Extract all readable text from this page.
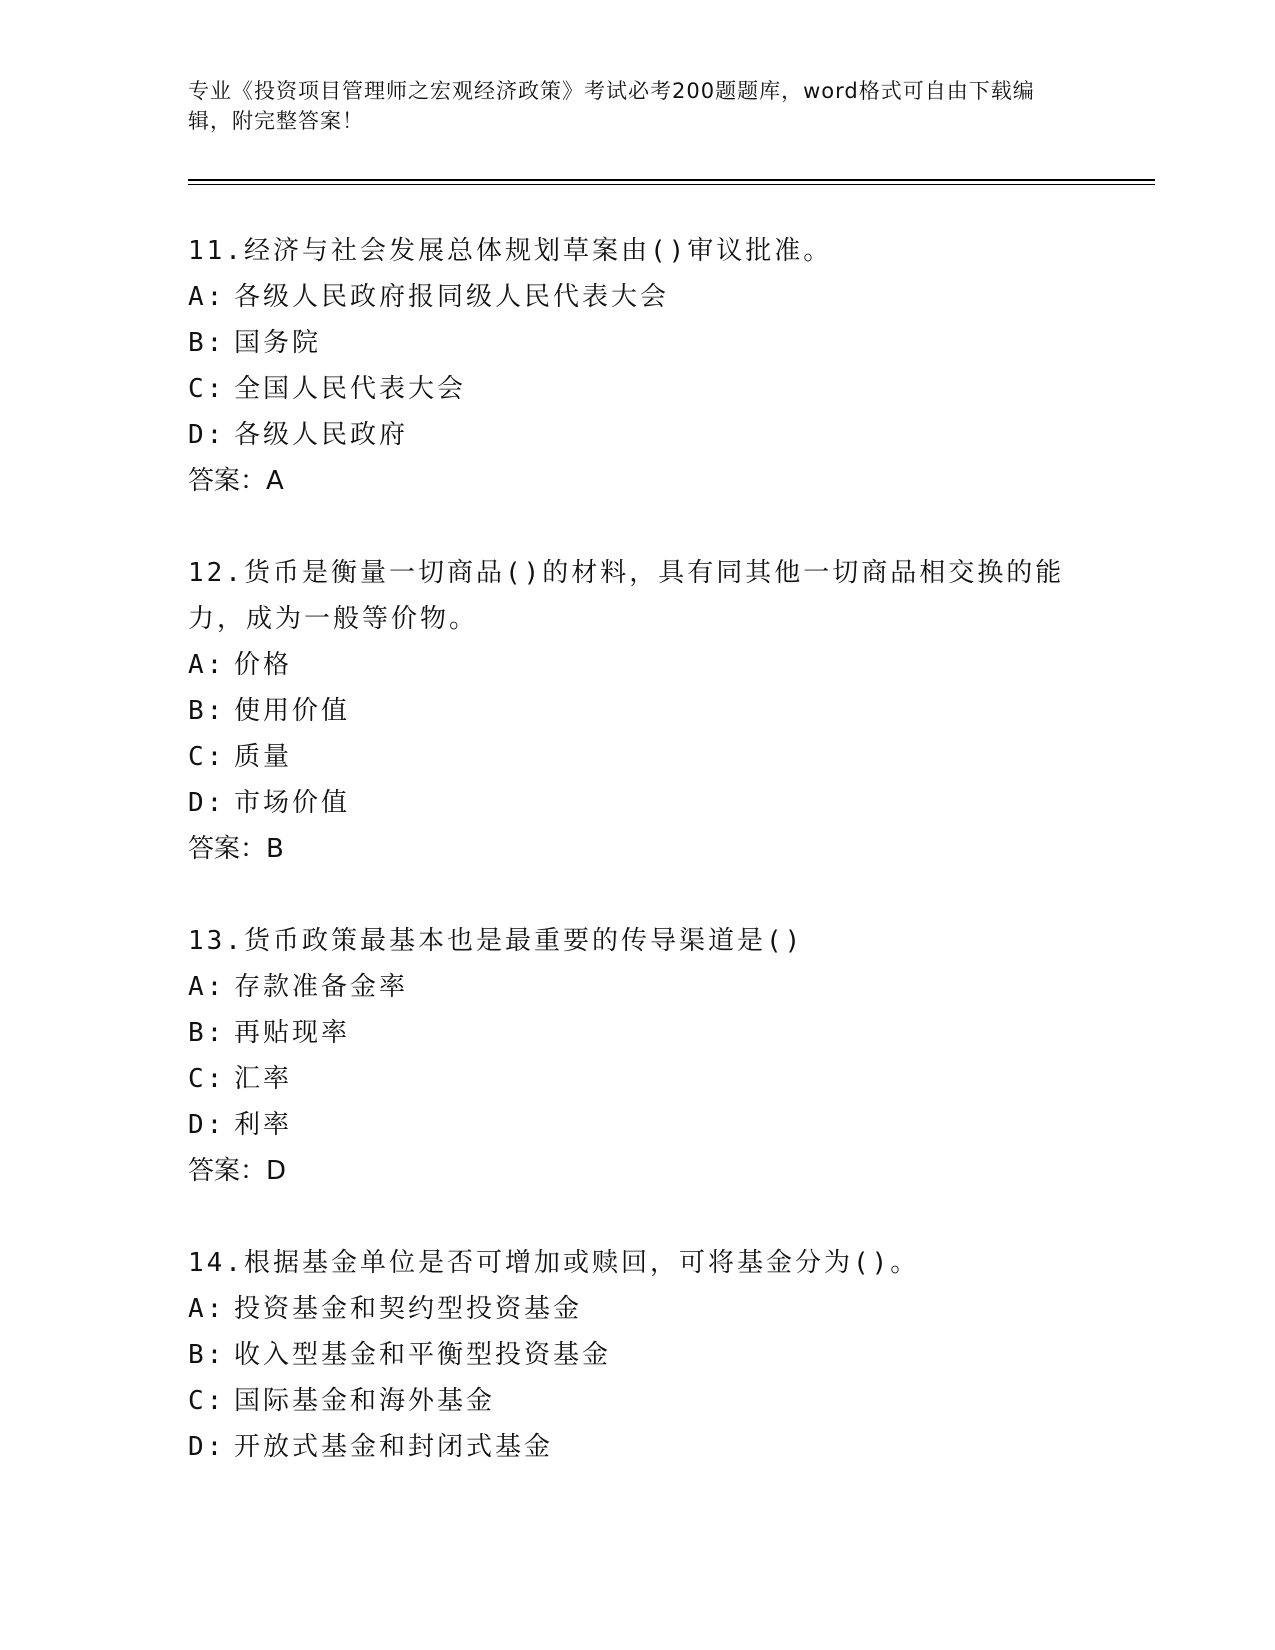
专业《投资项目管理师之宏观经济政策》考试必考200题题库，word格式可自由下载编辑，附完整答案！
11.经济与社会发展总体规划草案由()审议批准。
A: 各级人民政府报同级人民代表大会
B: 国务院
C: 全国人民代表大会
D: 各级人民政府
答案：A
12.货币是衡量一切商品()的材料，具有同其他一切商品相交换的能力，成为一般等价物。
A: 价格
B: 使用价值
C: 质量
D: 市场价值
答案：B
13.货币政策最基本也是最重要的传导渠道是()
A: 存款准备金率
B: 再贴现率
C: 汇率
D: 利率
答案：D
14.根据基金单位是否可增加或赎回，可将基金分为()。
A: 投资基金和契约型投资基金
B: 收入型基金和平衡型投资基金
C: 国际基金和海外基金
D: 开放式基金和封闭式基金
